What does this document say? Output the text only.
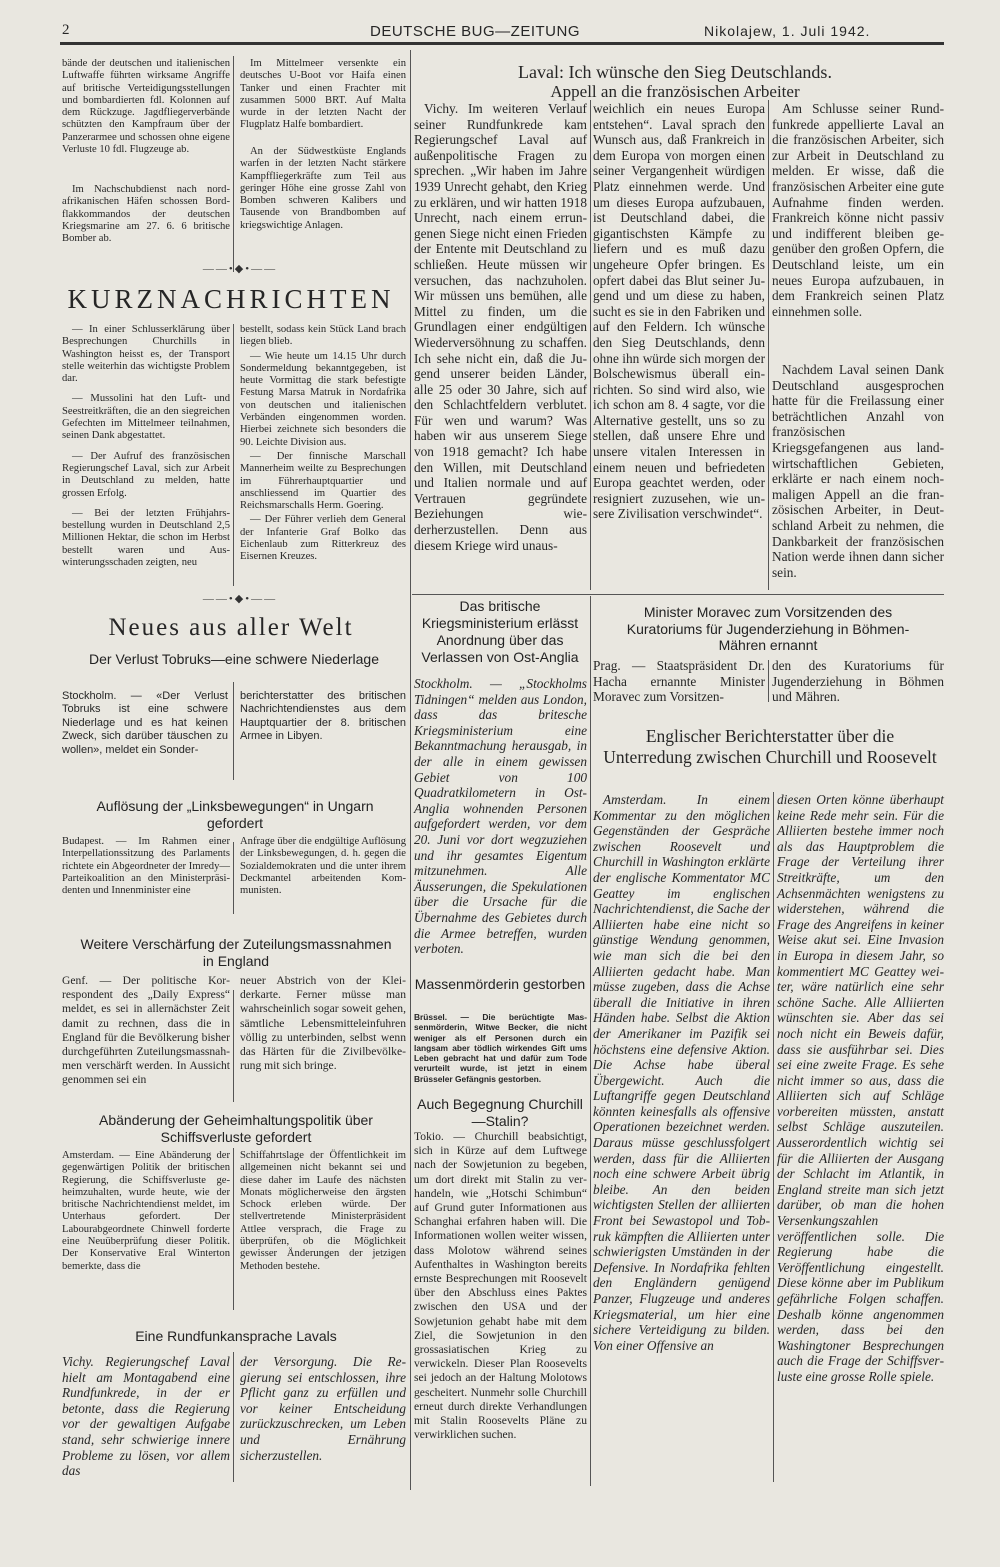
2	DEUTSCHE BUG—ZEITUNG	Nikolajew, 1. Juli 1942.

bände der deutschen und italienischen Luftwaffe führten wirksame Angriffe auf britische Verteidigungsstellungen und bombardierten fdl. Kolonnen auf dem Rückzuge. Jagdfliegerverbände schützten den Kampfraum über der Panzerarmee und schossen ohne eigene Verluste 10 fdl. Flugzeuge ab.

Im Nachschubdienst nach nordafrikanischen Häfen schossen Bordflakkommandos der deutschen Kriegsmarine am 27. 6. 6 britische Bomber ab.

Im Mittelmeer versenkte ein deutsches U-Boot vor Haifa einen Tanker und einen Frachter mit zusammen 5000 BRT. Auf Malta wurde in der letzten Nacht der Flugplatz Halfe bombardiert.

An der Südwestküste Englands warfen in der letzten Nacht stärkere Kampffliegerkräfte zum Teil aus geringer Höhe eine grosse Zahl von Bomben schweren Kalibers und Tausende von Brandbomben auf kriegswichtige Anlagen.

——•◆•——
KURZNACHRICHTEN

— In einer Schlusserklärung über Besprechungen Churchills in Washington heisst es, der Transport stelle weiterhin das wichtigste Problem dar.

— Mussolini hat den Luft- und Seestreitkräften, die an den siegreichen Gefechten im Mittelmeer teilnahmen, seinen Dank abgestattet.

— Der Aufruf des französischen Regierungschef Laval, sich zur Arbeit in Deutschland zu melden, hatte grossen Erfolg.

— Bei der letzten Frühjahrsbestellung wurden in Deutschland 2,5 Millionen Hektar, die schon im Herbst bestellt waren und Auswinterungsschaden zeigten, neu

bestellt, sodass kein Stück Land brach liegen blieb.

— Wie heute um 14.15 Uhr durch Sondermeldung bekanntgegeben, ist heute Vormittag die stark befestigte Festung Marsa Matruk in Nordafrika von deutschen und italienischen Verbänden eingenommen worden. Hierbei zeichnete sich besonders die 90. Leichte Division aus.

— Der finnische Marschall Mannerheim weilte zu Besprechungen im Führerhauptquartier und anschliessend im Quartier des Reichsmarschalls Herm. Goering.

— Der Führer verlieh dem General der Infanterie Graf Bolko das Eichenlaub zum Ritterkreuz des Eisernen Kreuzes.

——•◆•——
Neues aus aller Welt
Der Verlust Tobruks—eine schwere Niederlage

Stockholm. — «Der Verlust Tobruks ist eine schwere Niederlage und es hat keinen Zweck, sich darüber täuschen zu wollen», meldet ein Sonder-

berichterstatter des britischen Nachrichtendienstes aus dem Hauptquartier der 8. britischen Armee in Libyen.

Auflösung der „Linksbewegungen“ in Ungarn gefordert

Budapest. — Im Rahmen einer Interpellationssitzung des Parlaments richtete ein Abgeordneter der Imredy—Parteikoalition an den Ministerpräsidenten und Innenminister eine

Anfrage über die endgültige Auflösung der Linksbewegungen, d. h. gegen die Sozialdemokraten und die unter ihrem Deckmantel arbeitenden Kommunisten.

Weitere Verschärfung der Zuteilungsmassnahmen in England

Genf. — Der politische Korrespondent des „Daily Express“ meldet, es sei in allernächster Zeit damit zu rechnen, dass die in England für die Bevölkerung bisher durchgeführten Zuteilungsmassnahmen verschärft werden. In Aussicht genommen sei ein

neuer Abstrich von der Kleiderkarte. Ferner müsse man wahrscheinlich sogar soweit gehen, sämtliche Lebensmitteleinfuhren völlig zu unterbinden, selbst wenn das Härten für die Zivilbevölkerung mit sich bringe.

Abänderung der Geheimhaltungspolitik über Schiffsverluste gefordert

Amsterdam. — Eine Abänderung der gegenwärtigen Politik der britischen Regierung, die Schiffsverluste geheimzuhalten, wurde heute, wie der britische Nachrichtendienst meldet, im Unterhaus gefordert. Der Labourabgeordnete Chinwell forderte eine Neuüberprüfung dieser Politik. Der Konservative Eral Winterton bemerkte, dass die

Schiffahrtslage der Öffentlichkeit im allgemeinen nicht bekannt sei und diese daher im Laufe des nächsten Monats möglicherweise den ärgsten Schock erleben würde. Der stellvertretende Ministerpräsident Attlee versprach, die Frage zu überprüfen, ob die Möglichkeit gewisser Änderungen der jetzigen Methoden bestehe.

Eine Rundfunkansprache Lavals

Vichy. Regierungschef Laval hielt am Montagabend eine Rundfunkrede, in der er betonte, dass die Regierung vor der gewaltigen Aufgabe stand, sehr schwierige innere Probleme zu lösen, vor allem das

der Versorgung. Die Regierung sei entschlossen, ihre Pflicht ganz zu erfüllen und vor keiner Entscheidung zurückzuschrecken, um Leben und Ernährung sicherzustellen.

Laval: Ich wünsche den Sieg Deutschlands.
Appell an die französischen Arbeiter

Vichy. Im weiteren Verlauf seiner Rundfunkrede kam Regierungschef Laval auf außenpolitische Fragen zu sprechen. „Wir haben im Jahre 1939 Unrecht gehabt, den Krieg zu erklären, und wir hatten 1918 Unrecht, nach einem errungenen Siege nicht einen Frieden der Entente mit Deutschland zu schließen. Heute müssen wir versuchen, das nachzuholen. Wir müssen uns bemühen, alle Mittel zu finden, um die Grundlagen einer endgültigen Wiederversöhnung zu schaffen. Ich sehe nicht ein, daß die Jugend unserer beiden Länder, alle 25 oder 30 Jahre, sich auf den Schlachtfeldern verblutet. Für wen und warum? Was haben wir aus unserem Siege von 1918 gemacht? Ich habe den Willen, mit Deutschland und Italien normale und auf Vertrauen gegründete Beziehungen wiederherzustellen. Denn aus diesem Kriege wird unaus-

weichlich ein neues Europa entstehen“. Laval sprach den Wunsch aus, daß Frankreich in dem Europa von morgen einen seiner Vergangenheit würdigen Platz einnehmen werde. Und um dieses Europa aufzubauen, ist Deutschland dabei, die gigantischsten Kämpfe zu liefern und es muß dazu ungeheure Opfer bringen. Es opfert dabei das Blut seiner Jugend und um diese zu haben, sucht es sie in den Fabriken und auf den Feldern. Ich wünsche den Sieg Deutschlands, denn ohne ihn würde sich morgen der Bolschewismus überall einrichten. So sind wird also, wie ich schon am 8. 4 sagte, vor die Alternative gestellt, uns so zu stellen, daß unsere Ehre und unsere vitalen Interessen in einem neuen und befriedeten Europa geachtet werden, oder resigniert zuzusehen, wie unsere Zivilisation verschwindet“.

Am Schlusse seiner Rundfunkrede appellierte Laval an die französischen Arbeiter, sich zur Arbeit in Deutschland zu melden. Er wisse, daß die französischen Arbeiter eine gute Aufnahme finden werden. Frankreich könne nicht passiv und indifferent bleiben gegenüber den großen Opfern, die Deutschland leiste, um ein neues Europa aufzubauen, in dem Frankreich seinen Platz einnehmen solle.

Nachdem Laval seinen Dank Deutschland ausgesprochen hatte für die Freilassung einer beträchtlichen Anzahl von französischen Kriegsgefangenen aus landwirtschaftlichen Gebieten, erklärte er nach einem nochmaligen Appell an die französischen Arbeiter, in Deutschland Arbeit zu nehmen, die Dankbarkeit der französischen Nation werde ihnen dann sicher sein.

Das britische Kriegsministerium erlässt Anordnung über das Verlassen von Ost-Anglia

Stockholm. — „Stockholms Tidningen“ melden aus London, dass das britesche Kriegsministerium eine Bekanntmachung herausgab, in der alle in einem gewissen Gebiet von 100 Quadratkilometern in Ost-Anglia wohnenden Personen aufgefordert werden, vor dem 20. Juni vor dort wegzuziehen und ihr gesamtes Eigentum mitzunehmen. Alle Äusserungen, die Spekulationen über die Ursache für die Übernahme des Gebietes durch die Armee betreffen, wurden verboten.

Massenmörderin gestorben

Brüssel. — Die berüchtigte Massenmörderin, Witwe Becker, die nicht weniger als elf Personen durch ein langsam aber tödlich wirkendes Gift ums Leben gebracht hat und dafür zum Tode verurteilt wurde, ist jetzt in einem Brüsseler Gefängnis gestorben.

Auch Begegnung Churchill—Stalin?

Tokio. — Churchill beabsichtigt, sich in Kürze auf dem Luftwege nach der Sowjetunion zu begeben, um dort direkt mit Stalin zu verhandeln, wie „Hotschi Schimbun“ auf Grund guter Informationen aus Schanghai erfahren haben will. Die Informationen wollen weiter wissen, dass Molotow während seines Aufenthaltes in Washington bereits ernste Besprechungen mit Roosevelt über den Abschluss eines Paktes zwischen den USA und der Sowjetunion gehabt habe mit dem Ziel, die Sowjetunion in den grossasiatischen Krieg zu verwickeln. Dieser Plan Roosevelts sei jedoch an der Haltung Molotows gescheitert. Nunmehr solle Churchill erneut durch direkte Verhandlungen mit Stalin Roosevelts Pläne zu verwirklichen suchen.

Minister Moravec zum Vorsitzenden des Kuratoriums für Jugenderziehung in Böhmen-Mähren ernannt

Prag. — Staatspräsident Dr. Hacha ernannte Minister Moravec zum Vorsitzen-

den des Kuratoriums für Jugenderziehung in Böhmen und Mähren.

Englischer Berichterstatter über die Unterredung zwischen Churchill und Roosevelt

Amsterdam. In einem Kommentar zu den möglichen Gegenständen der Gespräche zwischen Roosevelt und Churchill in Washington erklärte der englische Kommentator MC Geattey im englischen Nachrichtendienst, die Sache der Alliierten habe eine nicht so günstige Wendung genommen, wie man sich die bei den Alliierten gedacht habe. Man müsse zugeben, dass die Achse überall die Initiative in ihren Händen habe. Selbst die Aktion der Amerikaner im Pazifik sei höchstens eine defensive Aktion. Die Achse habe überal Übergewicht. Auch die Luftangriffe gegen Deutschland könnten keinesfalls als offensive Operationen bezeichnet werden. Daraus müsse geschlussfolgert werden, dass für die Alliierten noch eine schwere Arbeit übrig bleibe. An den beiden wichtigsten Stellen der alliierten Front bei Sewastopol und Tobruk kämpften die Alliierten unter schwierigsten Umständen in der Defensive. In Nordafrika fehlten den Engländern genügend Panzer, Flugzeuge und anderes Kriegsmaterial, um hier eine sichere Verteidigung zu bilden. Von einer Offensive an

diesen Orten könne überhaupt keine Rede mehr sein. Für die Alliierten bestehe immer noch als das Hauptproblem die Frage der Verteilung ihrer Streitkräfte, um den Achsenmächten wenigstens zu widerstehen, während die Frage des Angreifens in keiner Weise akut sei. Eine Invasion in Europa in diesem Jahr, so kommentiert MC Geattey weiter, wäre natürlich eine sehr schöne Sache. Alle Alliierten wünschten sie. Aber das sei noch nicht ein Beweis dafür, dass sie ausführbar sei. Dies sei eine zweite Frage. Es sehe nicht immer so aus, dass die Alliierten sich auf Schläge vorbereiten müssten, anstatt selbst Schläge auszuteilen. Ausserordentlich wichtig sei für die Alliierten der Ausgang der Schlacht im Atlantik, in England streite man sich jetzt darüber, ob man die hohen Versenkungszahlen veröffentlichen solle. Die Regierung habe die Veröffentlichung eingestellt. Diese könne aber im Publikum gefährliche Folgen schaffen. Deshalb könne angenommen werden, dass bei den Washingtoner Besprechungen auch die Frage der Schiffsverluste eine grosse Rolle spiele.
